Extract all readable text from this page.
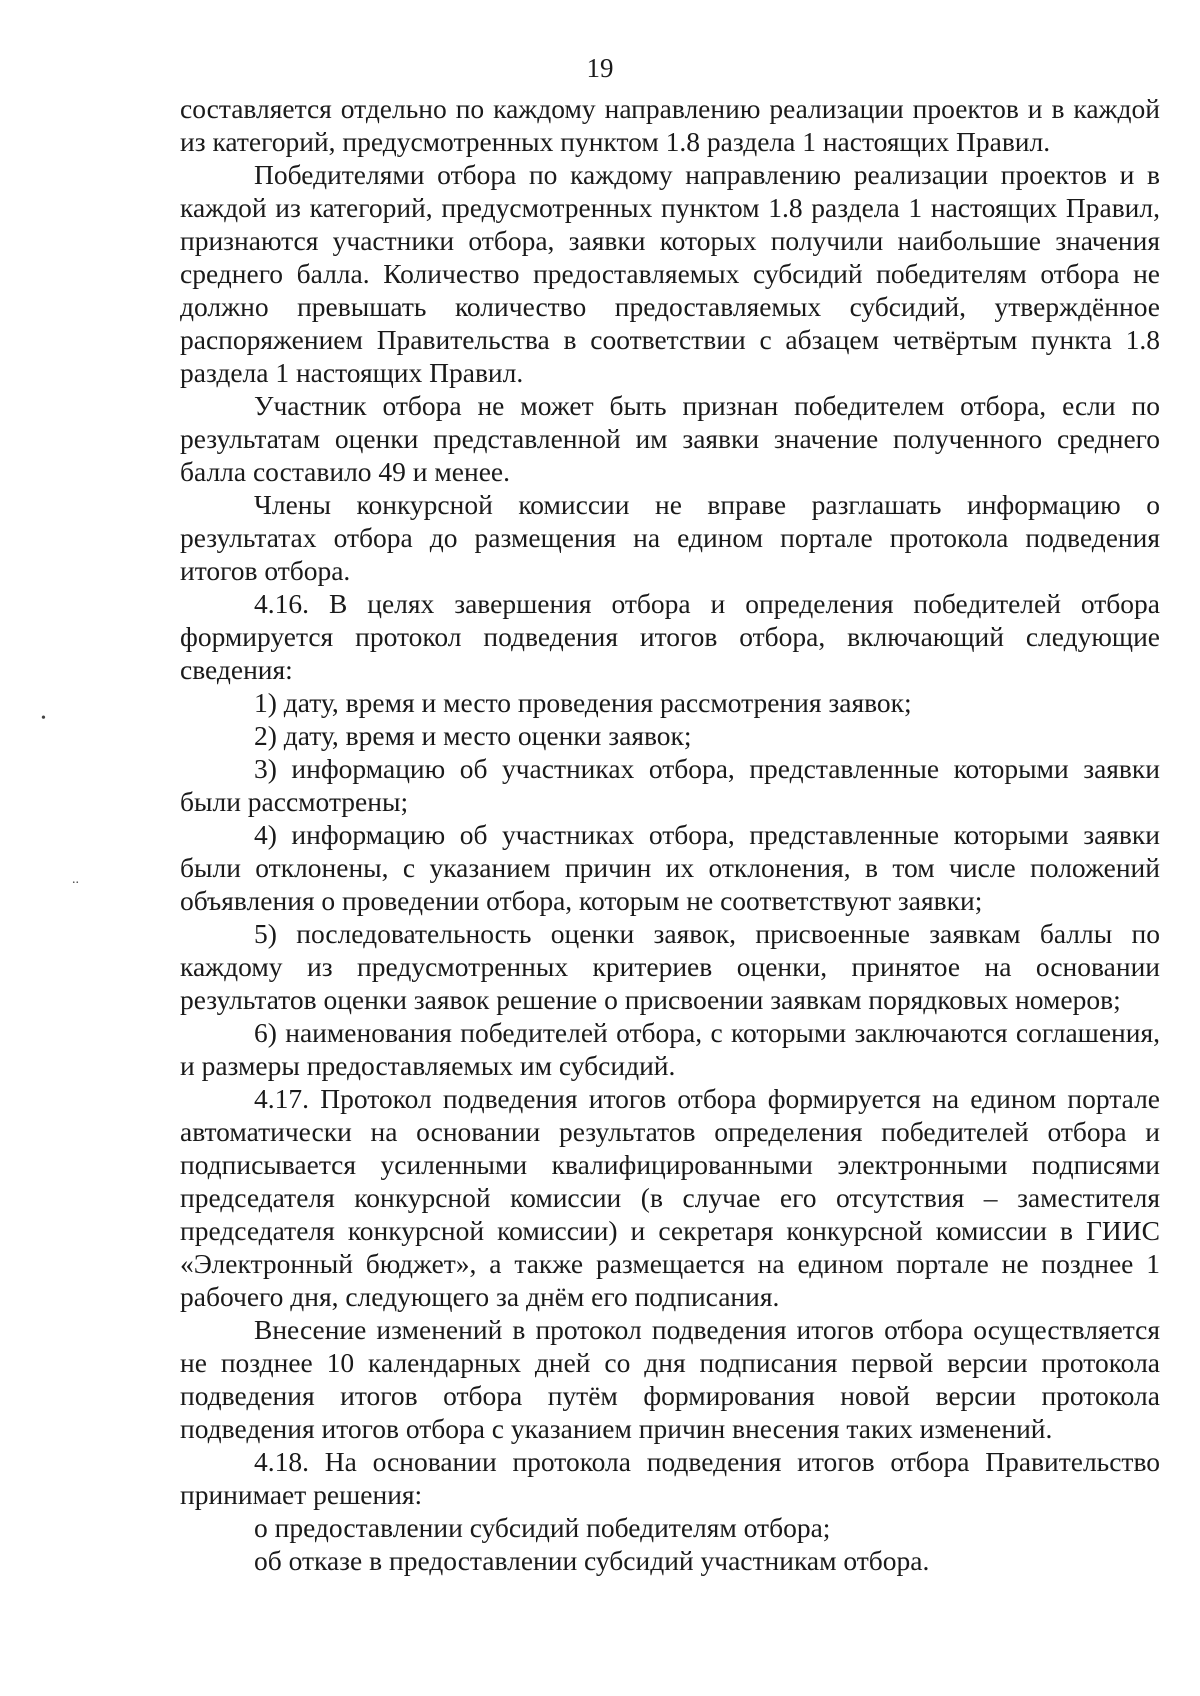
19

составляется отдельно по каждому направлению реализации проектов и в каждой из категорий, предусмотренных пунктом 1.8 раздела 1 настоящих Правил.

Победителями отбора по каждому направлению реализации проектов и в каждой из категорий, предусмотренных пунктом 1.8 раздела 1 настоящих Правил, признаются участники отбора, заявки которых получили наибольшие значения среднего балла. Количество предоставляемых субсидий победителям отбора не должно превышать количество предоставляемых субсидий, утверждённое распоряжением Правительства в соответствии с абзацем четвёртым пункта 1.8 раздела 1 настоящих Правил.

Участник отбора не может быть признан победителем отбора, если по результатам оценки представленной им заявки значение полученного среднего балла составило 49 и менее.

Члены конкурсной комиссии не вправе разглашать информацию о результатах отбора до размещения на едином портале протокола подведения итогов отбора.

4.16. В целях завершения отбора и определения победителей отбора формируется протокол подведения итогов отбора, включающий следующие сведения:

1) дату, время и место проведения рассмотрения заявок;

2) дату, время и место оценки заявок;

3) информацию об участниках отбора, представленные которыми заявки были рассмотрены;

4) информацию об участниках отбора, представленные которыми заявки были отклонены, с указанием причин их отклонения, в том числе положений объявления о проведении отбора, которым не соответствуют заявки;

5) последовательность оценки заявок, присвоенные заявкам баллы по каждому из предусмотренных критериев оценки, принятое на основании результатов оценки заявок решение о присвоении заявкам порядковых номеров;

6) наименования победителей отбора, с которыми заключаются соглашения, и размеры предоставляемых им субсидий.

4.17. Протокол подведения итогов отбора формируется на едином портале автоматически на основании результатов определения победителей отбора и подписывается усиленными квалифицированными электронными подписями председателя конкурсной комиссии (в случае его отсутствия – заместителя председателя конкурсной комиссии) и секретаря конкурсной комиссии в ГИИС «Электронный бюджет», а также размещается на едином портале не позднее 1 рабочего дня, следующего за днём его подписания.

Внесение изменений в протокол подведения итогов отбора осуществляется не позднее 10 календарных дней со дня подписания первой версии протокола подведения итогов отбора путём формирования новой версии протокола подведения итогов отбора с указанием причин внесения таких изменений.

4.18. На основании протокола подведения итогов отбора Правительство принимает решения:

о предоставлении субсидий победителям отбора;

об отказе в предоставлении субсидий участникам отбора.

•
..
